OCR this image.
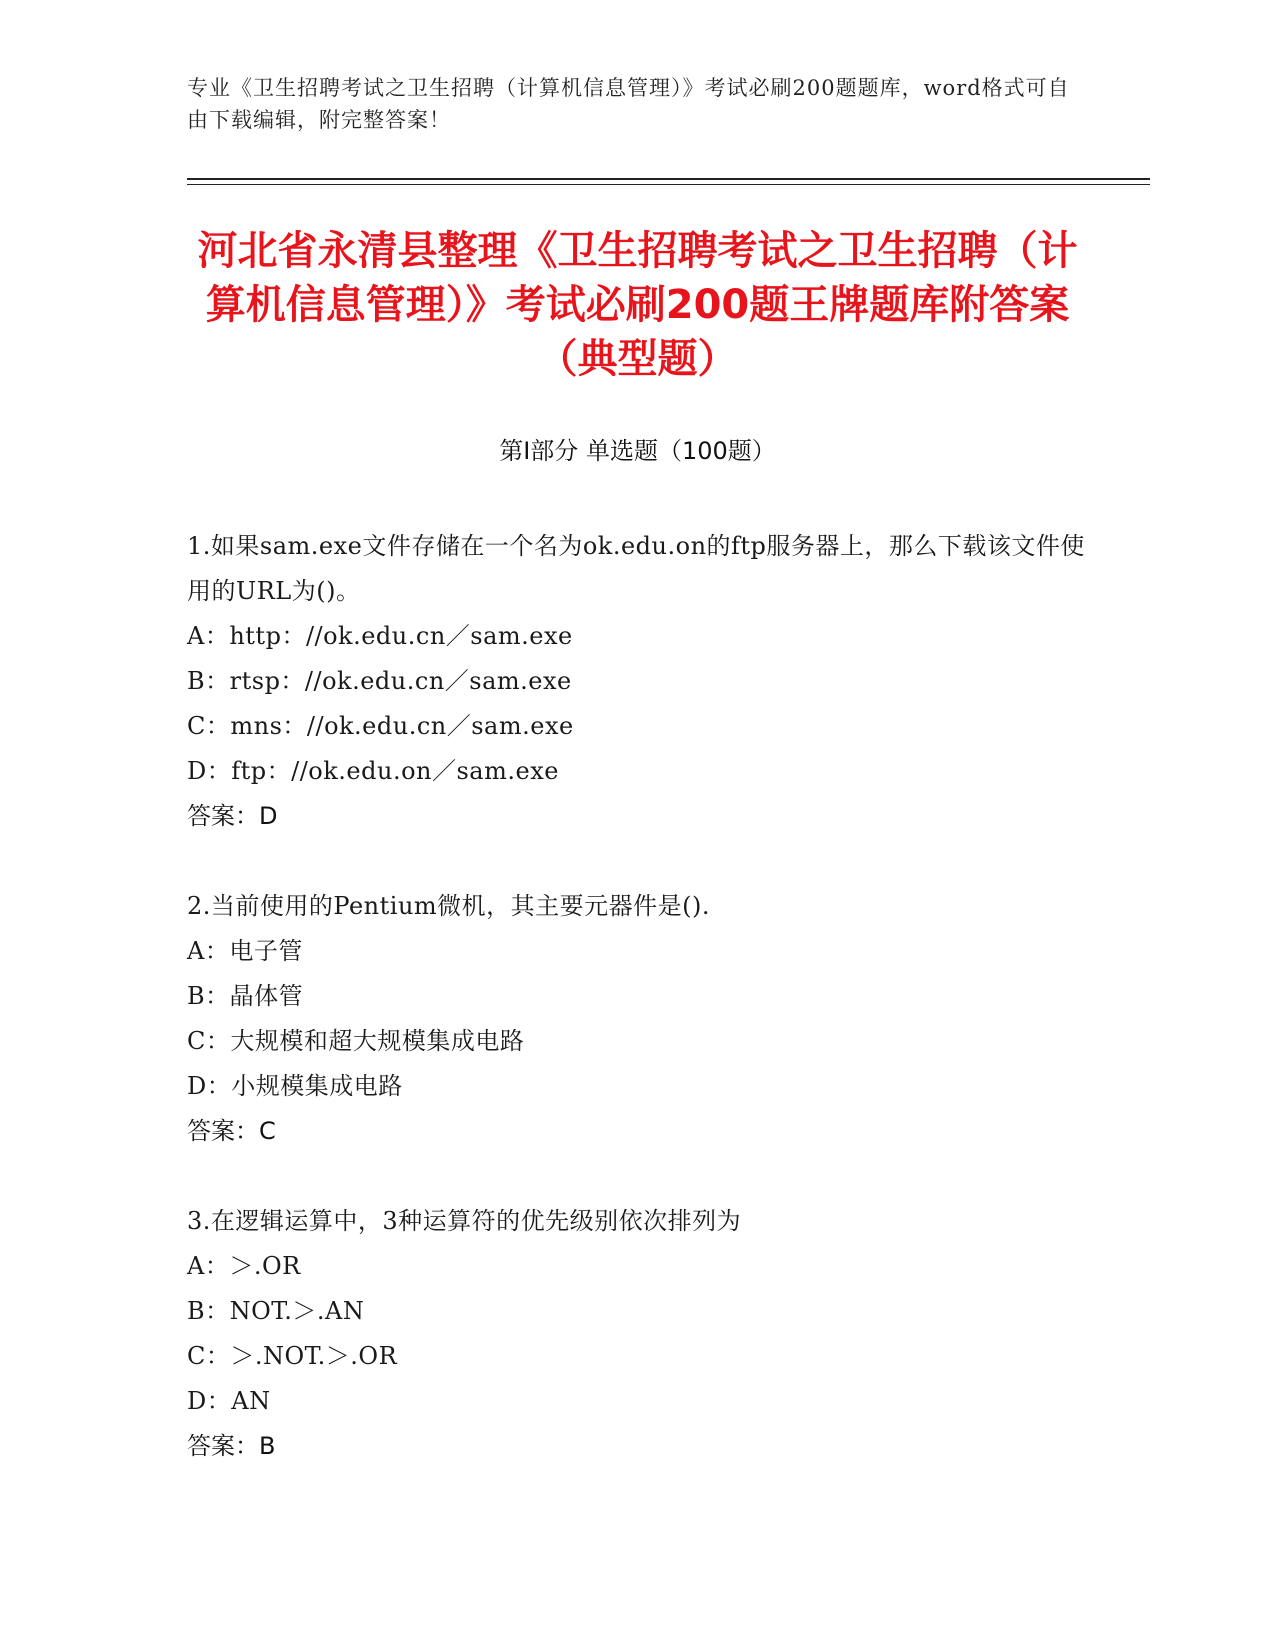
专业《卫生招聘考试之卫生招聘（计算机信息管理）》考试必刷200题题库，word格式可自由下载编辑，附完整答案！
河北省永清县整理《卫生招聘考试之卫生招聘（计算机信息管理）》考试必刷200题王牌题库附答案（典型题）
第Ⅰ部分 单选题（100题）

1.如果sam.exe文件存储在一个名为ok.edu.on的ftp服务器上，那么下载该文件使用的URL为()。

A：http：//ok.edu.cn／sam.exe

B：rtsp：//ok.edu.cn／sam.exe

C：mns：//ok.edu.cn／sam.exe

D：ftp：//ok.edu.on／sam.exe

答案：D

2.当前使用的Pentium微机，其主要元器件是().

A：电子管

B：晶体管

C：大规模和超大规模集成电路

D：小规模集成电路

答案：C

3.在逻辑运算中，3种运算符的优先级别依次排列为

A：＞.OR

B：NOT.＞.AN

C：＞.NOT.＞.OR

D：AN

答案：B
